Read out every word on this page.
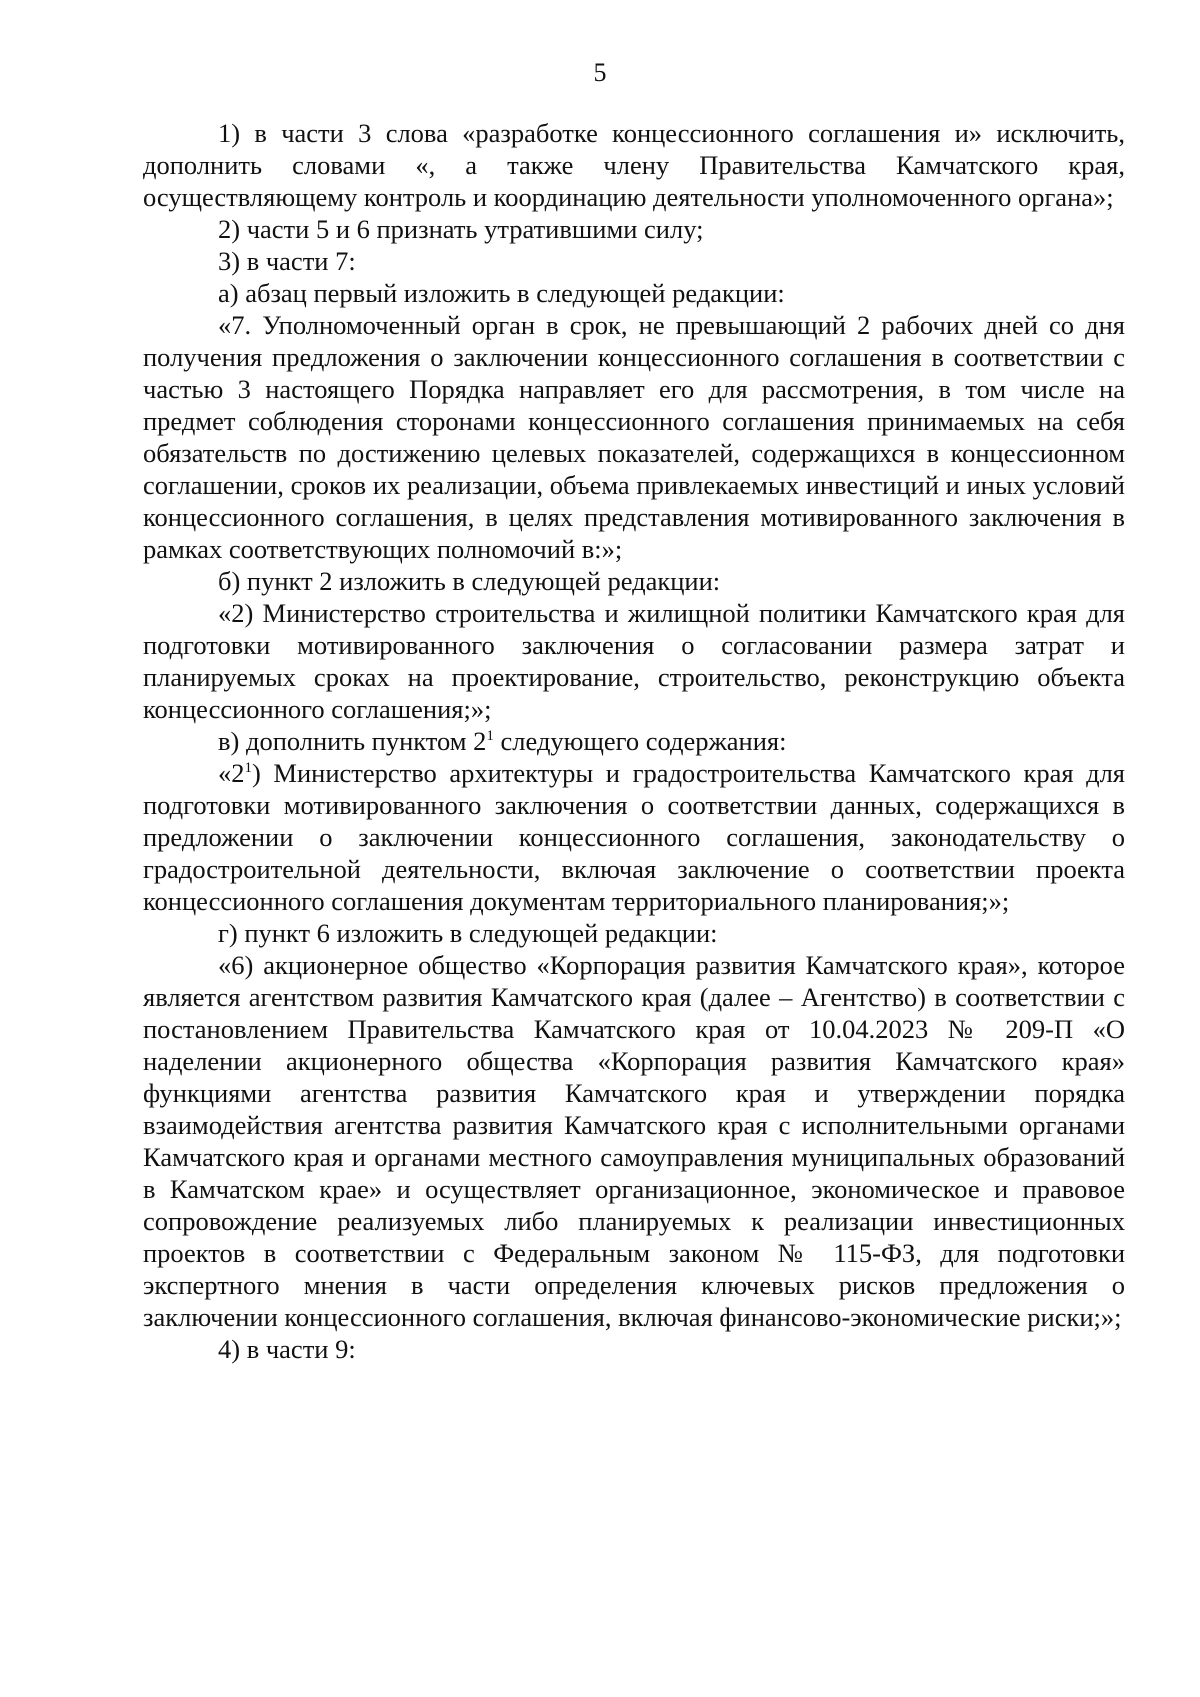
5

1) в части 3 слова «разработке концессионного соглашения и» исключить, дополнить словами «, а также члену Правительства Камчатского края, осуществляющему контроль и координацию деятельности уполномоченного органа»;

2) части 5 и 6 признать утратившими силу;

3) в части 7:

а) абзац первый изложить в следующей редакции:

«7. Уполномоченный орган в срок, не превышающий 2 рабочих дней со дня получения предложения о заключении концессионного соглашения в соответствии с частью 3 настоящего Порядка направляет его для рассмотрения, в том числе на предмет соблюдения сторонами концессионного соглашения принимаемых на себя обязательств по достижению целевых показателей, содержащихся в концессионном соглашении, сроков их реализации, объема привлекаемых инвестиций и иных условий концессионного соглашения, в целях представления мотивированного заключения в рамках соответствующих полномочий в:»;

б) пункт 2 изложить в следующей редакции:

«2) Министерство строительства и жилищной политики Камчатского края для подготовки мотивированного заключения о согласовании размера затрат и планируемых сроках на проектирование, строительство, реконструкцию объекта концессионного соглашения;»;

в) дополнить пунктом $2^1$ следующего содержания:

«$2^1$) Министерство архитектуры и градостроительства Камчатского края для подготовки мотивированного заключения о соответствии данных, содержащихся в предложении о заключении концессионного соглашения, законодательству о градостроительной деятельности, включая заключение о соответствии проекта концессионного соглашения документам территориального планирования;»;

г) пункт 6 изложить в следующей редакции:

«6) акционерное общество «Корпорация развития Камчатского края», которое является агентством развития Камчатского края (далее – Агентство) в соответствии с постановлением Правительства Камчатского края от 10.04.2023 № 209-П «О наделении акционерного общества «Корпорация развития Камчатского края» функциями агентства развития Камчатского края и утверждении порядка взаимодействия агентства развития Камчатского края с исполнительными органами Камчатского края и органами местного самоуправления муниципальных образований в Камчатском крае» и осуществляет организационное, экономическое и правовое сопровождение реализуемых либо планируемых к реализации инвестиционных проектов в соответствии с Федеральным законом № 115-ФЗ, для подготовки экспертного мнения в части определения ключевых рисков предложения о заключении концессионного соглашения, включая финансово-экономические риски;»;

4) в части 9:
